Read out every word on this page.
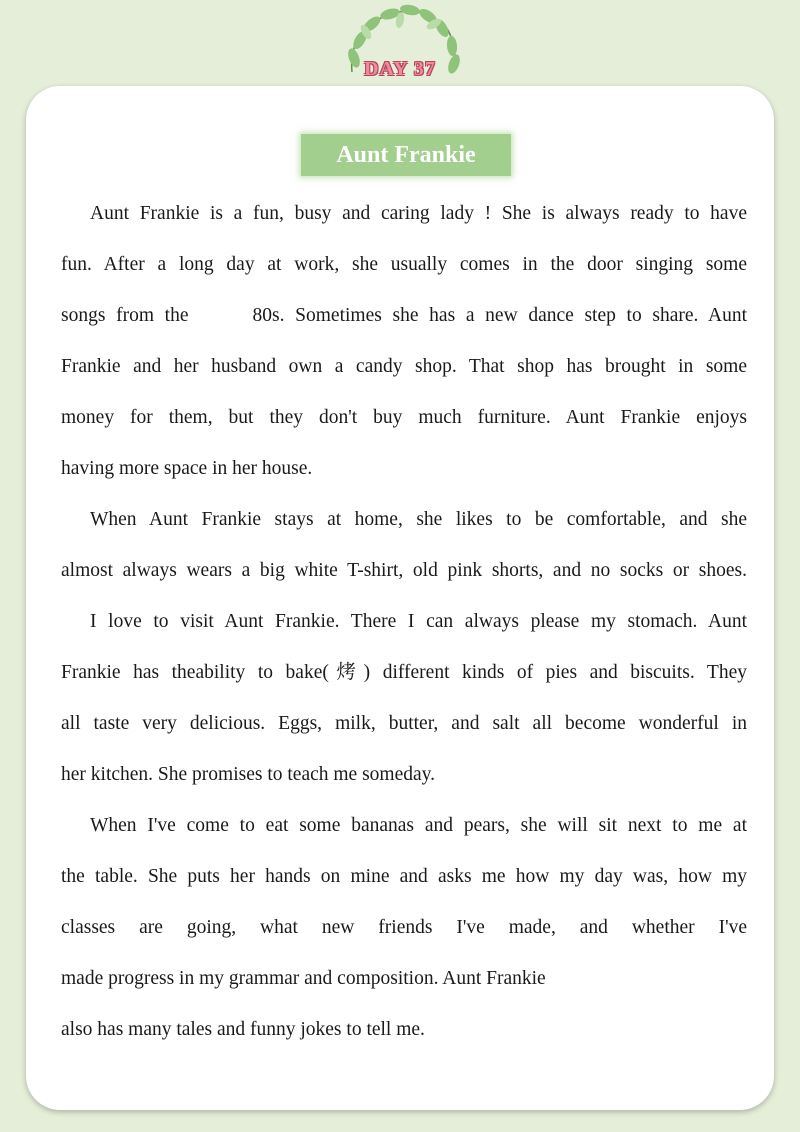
DAY 37
Aunt Frankie
Aunt Frankie is a fun, busy and caring lady ! She is always ready to have
fun. After a long day at work, she usually comes in the door singing some
songs from the      80s. Sometimes she has a new dance step to share. Aunt
Frankie and her husband own a candy shop. That shop has brought in some
money for them, but they don't buy much furniture. Aunt Frankie enjoys
having more space in her house.
When Aunt Frankie stays at home, she likes to be comfortable, and she
almost always wears a big white T-shirt, old pink shorts, and no socks or shoes.
I love to visit Aunt Frankie. There I can always please my stomach. Aunt
Frankie has theability to bake(烤) different kinds of pies and biscuits. They
all taste very delicious. Eggs, milk, butter, and salt all become wonderful in
her kitchen. She promises to teach me someday.
When I've come to eat some bananas and pears, she will sit next to me at
the table. She puts her hands on mine and asks me how my day was, how my
classes are going, what new friends I've made, and whether I've
made progress in my grammar and composition. Aunt Frankie
also has many tales and funny jokes to tell me.
